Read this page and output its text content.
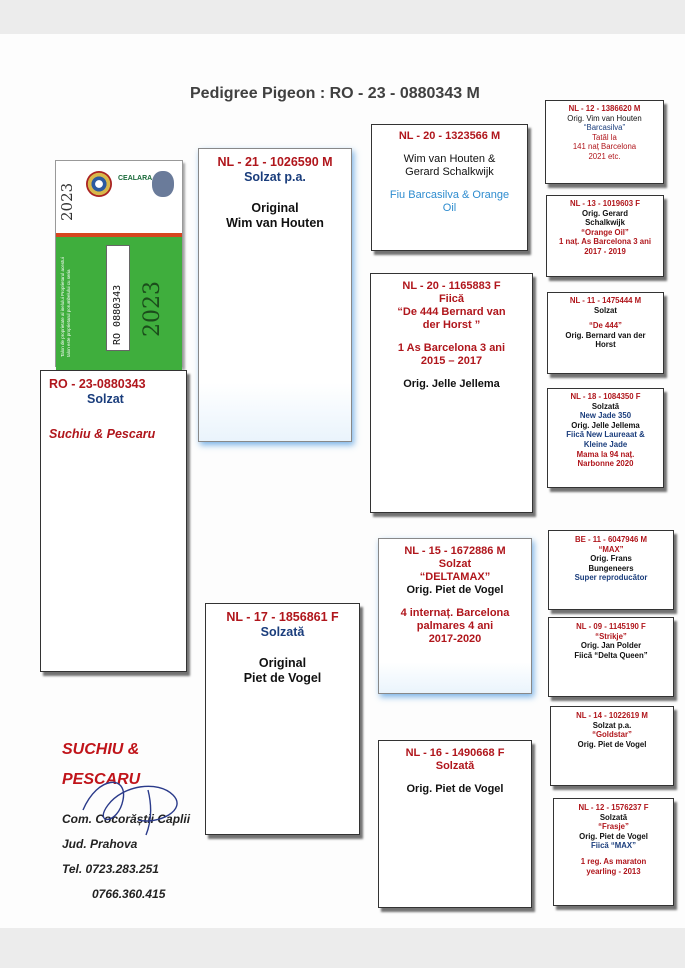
Pedigree Pigeon : RO - 23 - 0880343 M
2023
CEALARA
Talon de proprietate al inelului Proprietarul acestui talon este proprietarul porumbelului cu seria	RO 0880343 2023
RO - 23-0880343
Solzat
Suchiu & Pescaru
NL - 21 - 1026590 M
Solzat p.a.
Original
Wim van Houten
NL - 17 - 1856861 F
Solzată
Original
Piet de Vogel
NL - 20 - 1323566 M
Wim van Houten &
Gerard Schalkwijk
Fiu Barcasilva & Orange
Oil
NL - 20 - 1165883 F
Fiică
“De 444 Bernard van
der Horst ”
1 As Barcelona 3 ani
2015 – 2017
Orig. Jelle Jellema
NL - 15 - 1672886 M
Solzat
“DELTAMAX”
Orig. Piet de Vogel
4 internaț. Barcelona
palmares 4 ani
2017-2020
NL - 16 - 1490668 F
Solzată
Orig. Piet de Vogel
NL - 12 - 1386620 M
Orig. Vim van Houten
“Barcasilva”
Tatăl la
141 naț Barcelona
2021 etc.
NL - 13 - 1019603 F
Orig. Gerard
Schalkwijk
“Orange Oil”
1 naț. As Barcelona 3 ani
2017 - 2019
NL - 11 - 1475444 M
Solzat
“De 444”
Orig. Bernard van der
Horst
NL - 18 - 1084350 F
Solzată
New Jade 350
Orig. Jelle Jellema
Fiică New Laureaat &
Kleine Jade
Mama la 94 naț.
Narbonne 2020
BE - 11 - 6047946 M
“MAX”
Orig. Frans
Bungeneers
Super reproducător
NL - 09 - 1145190 F
“Strikje”
Orig. Jan Polder
Fiică “Delta Queen”
NL - 14 - 1022619 M
Solzat p.a.
“Goldstar”
Orig. Piet de Vogel
NL - 12 - 1576237 F
Solzată
“Frasje”
Orig. Piet de Vogel
Fiică “MAX”
1 reg. As maraton
yearling - 2013
SUCHIU &
PESCARU
Com. Cocorăștii Caplii
Jud. Prahova
Tel. 0723.283.251
0766.360.415
